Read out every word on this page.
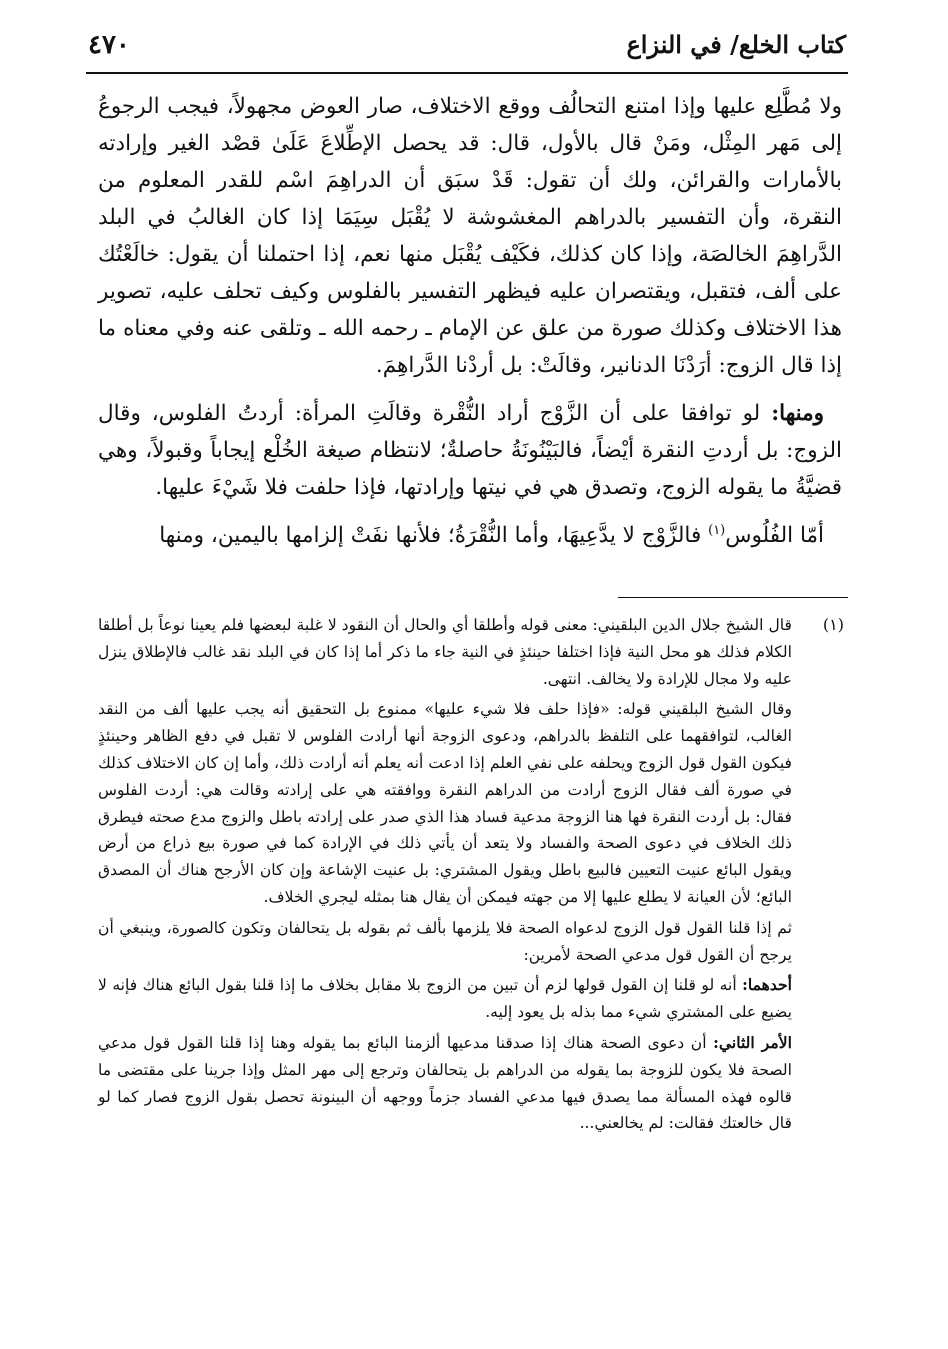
كتاب الخلع/ في النزاع
٤٧٠

ولا مُطَّلِع عليها وإذا امتنع التحالُف ووقع الاختلاف، صار العوض مجهولاً، فيجب الرجوعُ إلى مَهر المِثْل، ومَنْ قال بالأول، قال: قد يحصل الإطِّلاعَ عَلَىٰ قصْد الغير وإرادته بالأمارات والقرائن، ولك أن تقول: قَدْ سبَق أن الدراهِمَ اسْم للقدر المعلوم من النقرة، وأن التفسير بالدراهم المغشوشة لا يُقْبَل سِيَمَا إذا كان الغالبُ في البلد الدَّراهِمَ الخالصَة، وإذا كان كذلك، فكَيْف يُقْبَل منها نعم، إذا احتملنا أن يقول: خالَعْتُك على ألف، فتقبل، ويقتصران عليه فيظهر التفسير بالفلوس وكيف تحلف عليه، تصوير هذا الاختلاف وكذلك صورة من علق عن الإمام ـ رحمه الله ـ وتلقى عنه وفي معناه ما إذا قال الزوج: أرَدْنَا الدنانير، وقالَتْ: بل أردْنا الدَّراهِمَ.

ومنها: لو توافقا على أن الزَّوْج أراد النُّقْرة وقالَتِ المرأة: أردتُ الفلوس، وقال الزوج: بل أردتِ النقرة أيْضاً، فالبَيْنُونَةُ حاصلةٌ؛ لانتظام صيغة الخُلْع إيجاباً وقبولاً، وهي قضيَّةُ ما يقوله الزوج، وتصدق هي في نيتها وإرادتها، فإذا حلفت فلا شَيْءَ عليها.

أمّا الفُلُوس$^{(١)}$ فالزَّوْج لا يدَّعِيهَا، وأما النُّقْرَةُ؛ فلأنها نفَتْ إلزامها باليمين، ومنها

(١)
قال الشيخ جلال الدين البلقيني: معنى قوله وأطلقا أي والحال أن النقود لا غلبة لبعضها فلم يعينا نوعاً بل أطلقا الكلام فذلك هو محل النية فإذا اختلفا حينئذٍ في النية جاء ما ذكر أما إذا كان في البلد نقد غالب فالإطلاق ينزل عليه ولا مجال للإرادة ولا يخالف. انتهى.

وقال الشيخ البلقيني قوله: «فإذا حلف فلا شيء عليها» ممنوع بل التحقيق أنه يجب عليها ألف من النقد الغالب، لتوافقهما على التلفظ بالدراهم، ودعوى الزوجة أنها أرادت الفلوس لا تقبل في دفع الظاهر وحينئذٍ فيكون القول قول الزوج ويحلفه على نفي العلم إذا ادعت أنه يعلم أنه أرادت ذلك، وأما إن كان الاختلاف كذلك في صورة ألف فقال الزوج أرادت من الدراهم النقرة ووافقته هي على إرادته وقالت هي: أردت الفلوس فقال: بل أردت النقرة فها هنا الزوجة مدعية فساد هذا الذي صدر على إرادته باطل والزوج مدع صحته فيطرق ذلك الخلاف في دعوى الصحة والفساد ولا يتعد أن يأتي ذلك في الإرادة كما في صورة بيع ذراع من أرض ويقول البائع عنيت التعيين فالبيع باطل ويقول المشتري: بل عنيت الإشاعة وإن كان الأرجح هناك أن المصدق البائع؛ لأن العيانة لا يطلع عليها إلا من جهته فيمكن أن يقال هنا بمثله ليجري الخلاف.

ثم إذا قلنا القول قول الزوج لدعواه الصحة فلا يلزمها بألف ثم بقوله بل يتحالفان وتكون كالصورة، وينبغي أن يرجح أن القول قول مدعي الصحة لأمرين:

أحدهما: أنه لو قلنا إن القول قولها لزم أن تبين من الزوج بلا مقابل بخلاف ما إذا قلنا بقول البائع هناك فإنه لا يضيع على المشتري شيء مما بذله بل يعود إليه.

الأمر الثاني: أن دعوى الصحة هناك إذا صدقنا مدعيها ألزمنا البائع بما يقوله وهنا إذا قلنا القول قول مدعي الصحة فلا يكون للزوجة بما يقوله من الدراهم بل يتحالفان وترجع إلى مهر المثل وإذا جرينا على مقتضى ما قالوه فهذه المسألة مما يصدق فيها مدعي الفساد جزماً ووجهه أن البينونة تحصل بقول الزوج فصار كما لو قال خالعتك فقالت: لم يخالعني...
